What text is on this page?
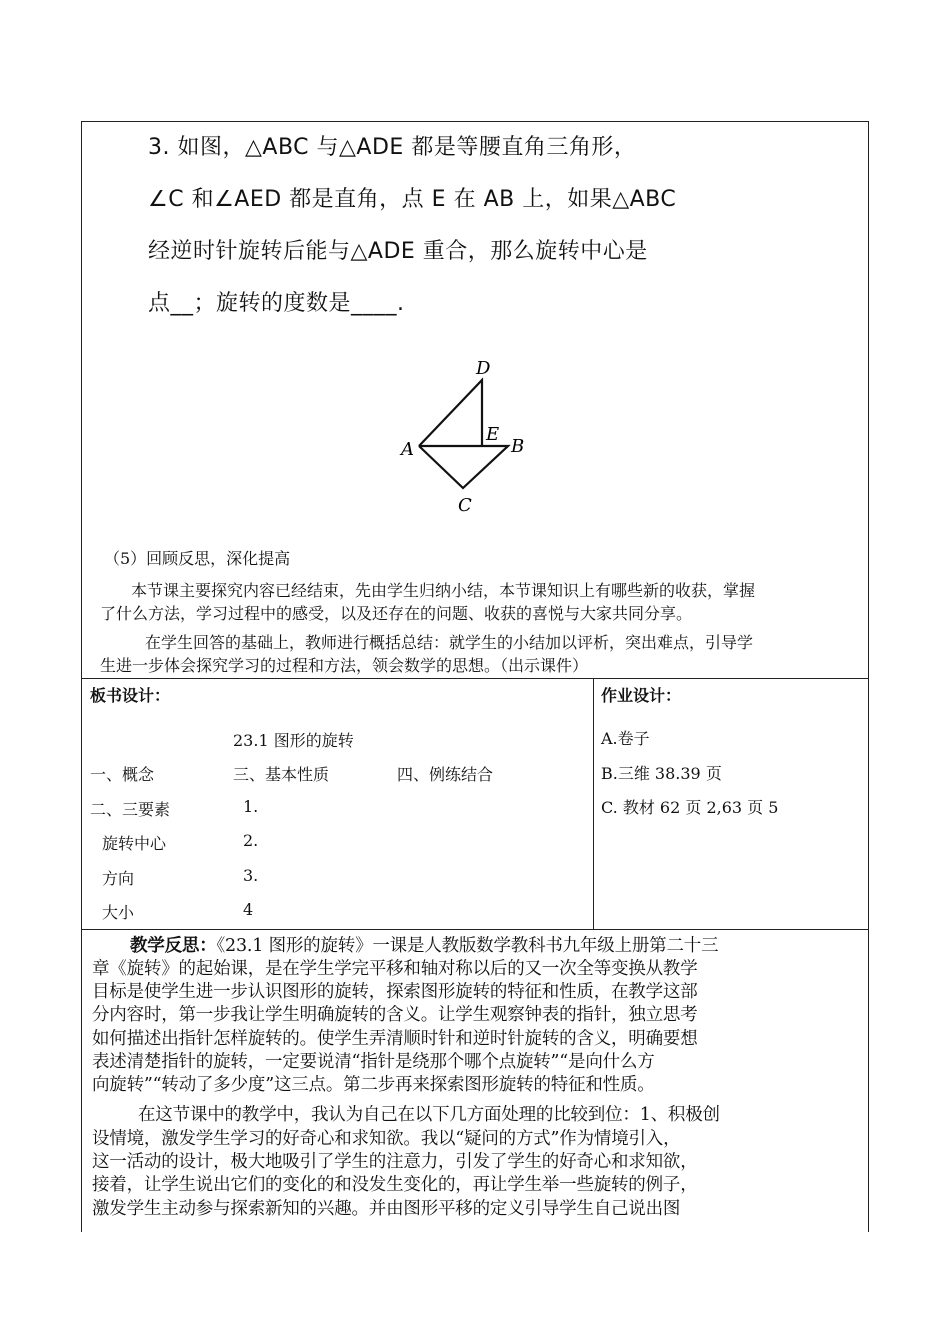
3. 如图，△ABC 与△ADE 都是等腰直角三角形，
∠C 和∠AED 都是直角，点 E 在 AB 上，如果△ABC
经逆时针旋转后能与△ADE 重合，那么旋转中心是
点__；旋转的度数是____.
D
E
A	B
C
（5）回顾反思，深化提高
本节课主要探究内容已经结束，先由学生归纳小结，本节课知识上有哪些新的收获，掌握
了什么方法，学习过程中的感受，以及还存在的问题、收获的喜悦与大家共同分享。
在学生回答的基础上，教师进行概括总结：就学生的小结加以评析，突出难点，引导学
生进一步体会探究学习的过程和方法，领会数学的思想。（出示课件）
板书设计：
23.1 图形的旋转
一、概念	三、基本性质	四、例练结合
二、三要素	1.
旋转中心	2.
方向	3.
大小	4
作业设计：
A.卷子
B.三维 38.39 页
C. 教材 62 页 2,63 页 5
教学反思：《23.1 图形的旋转》一课是人教版数学教科书九年级上册第二十三
章《旋转》的起始课，是在学生学完平移和轴对称以后的又一次全等变换从教学
目标是使学生进一步认识图形的旋转，探索图形旋转的特征和性质，在教学这部
分内容时，第一步我让学生明确旋转的含义。让学生观察钟表的指针，独立思考
如何描述出指针怎样旋转的。使学生弄清顺时针和逆时针旋转的含义，明确要想
表述清楚指针的旋转，一定要说清“指针是绕那个哪个点旋转”“是向什么方
向旋转”“转动了多少度”这三点。第二步再来探索图形旋转的特征和性质。
在这节课中的教学中，我认为自己在以下几方面处理的比较到位：1、积极创
设情境，激发学生学习的好奇心和求知欲。我以“疑问的方式”作为情境引入，
这一活动的设计，极大地吸引了学生的注意力，引发了学生的好奇心和求知欲，
接着，让学生说出它们的变化的和没发生变化的，再让学生举一些旋转的例子，
激发学生主动参与探索新知的兴趣。并由图形平移的定义引导学生自己说出图
